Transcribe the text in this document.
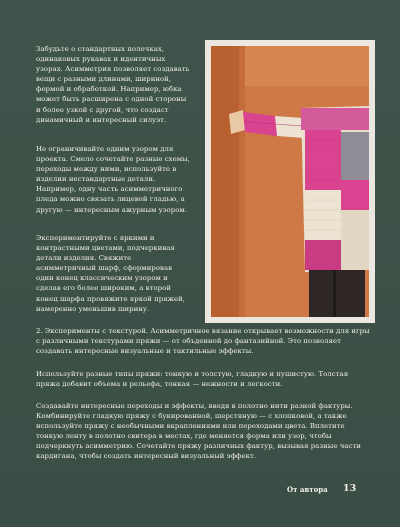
Забудьте о стандартных полочках, одинаковых рукавах и идентичных узорах. Асимметрия позволяет создавать вещи с разными длинами, шириной, формой и обработкой. Например, юбка может быть расширена с одной стороны и более узкой с другой, что создаст динамичный и интересный силуэт.

Не ограничивайте одним узором для проекта. Смело сочетайте разные схемы, переходы между ними, используйте в изделии нестандартные детали. Например, одну часть асимметричного пледа можно связать лицевой гладью, а другую — интересным ажурным узором.

Экспериментируйте с яркими и контрастными цветами, подчеркивая детали изделия. Свяжите асимметричный шарф, сформировав один конец классическим узором и сделав его более широким, а второй конец шарфа провяжите яркой пряжей, намеренно уменьшив ширину.

2. Эксперименты с текстурой. Асимметричное вязание открывает возможности для игры с различными текстурами пряжи — от объденной до фантазийной. Это позволяет создавать интересные визуальные и тактильные эффекты.

Используйте разные типы пряжи: тонкую и толстую, гладкую и пушистую. Толстая пряжа добавит объема и рельефа, тонкая — нежности и легкости.

Создавайте интересные переходы и эффекты, вводя в полотно нити разной фактуры. Комбинируйте гладкую пряжу с букированной, шерстяную — с хлопковой, а также используйте пряжу с необычными вкраплениями или переходами цвета. Вплетите тонкую ленту в полотно свитера в местах, где меняется форма или узор, чтобы подчеркнуть асимметрию. Сочетайте пряжу различных фактур, вызывая разные части кардигана, чтобы создать интересный визуальный эффект.

От автора 13
